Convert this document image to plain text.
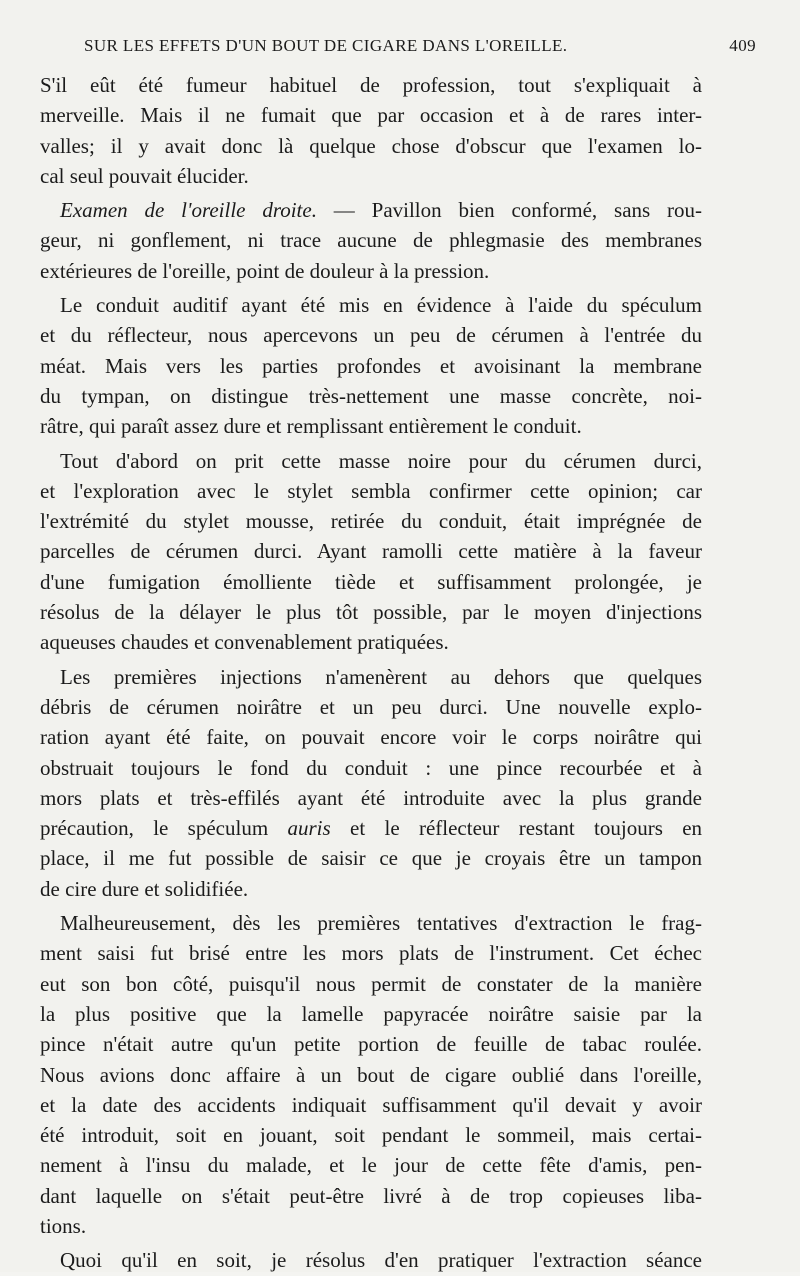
SUR LES EFFETS D'UN BOUT DE CIGARE DANS L'OREILLE.	409
S'il eût été fumeur habituel de profession, tout s'expliquait à
merveille. Mais il ne fumait que par occasion et à de rares inter-
valles; il y avait donc là quelque chose d'obscur que l'examen lo-
cal seul pouvait élucider.
Examen de l'oreille droite. — Pavillon bien conformé, sans rou-
geur, ni gonflement, ni trace aucune de phlegmasie des membranes
extérieures de l'oreille, point de douleur à la pression.
Le conduit auditif ayant été mis en évidence à l'aide du spéculum
et du réflecteur, nous apercevons un peu de cérumen à l'entrée du
méat. Mais vers les parties profondes et avoisinant la membrane
du tympan, on distingue très-nettement une masse concrète, noi-
râtre, qui paraît assez dure et remplissant entièrement le conduit.
Tout d'abord on prit cette masse noire pour du cérumen durci,
et l'exploration avec le stylet sembla confirmer cette opinion; car
l'extrémité du stylet mousse, retirée du conduit, était imprégnée de
parcelles de cérumen durci. Ayant ramolli cette matière à la faveur
d'une fumigation émolliente tiède et suffisamment prolongée, je
résolus de la délayer le plus tôt possible, par le moyen d'injections
aqueuses chaudes et convenablement pratiquées.
Les premières injections n'amenèrent au dehors que quelques
débris de cérumen noirâtre et un peu durci. Une nouvelle explo-
ration ayant été faite, on pouvait encore voir le corps noirâtre qui
obstruait toujours le fond du conduit : une pince recourbée et à
mors plats et très-effilés ayant été introduite avec la plus grande
précaution, le spéculum auris et le réflecteur restant toujours en
place, il me fut possible de saisir ce que je croyais être un tampon
de cire dure et solidifiée.
Malheureusement, dès les premières tentatives d'extraction le frag-
ment saisi fut brisé entre les mors plats de l'instrument. Cet échec
eut son bon côté, puisqu'il nous permit de constater de la manière
la plus positive que la lamelle papyracée noirâtre saisie par la
pince n'était autre qu'un petite portion de feuille de tabac roulée.
Nous avions donc affaire à un bout de cigare oublié dans l'oreille,
et la date des accidents indiquait suffisamment qu'il devait y avoir
été introduit, soit en jouant, soit pendant le sommeil, mais certai-
nement à l'insu du malade, et le jour de cette fête d'amis, pen-
dant laquelle on s'était peut-être livré à de trop copieuses liba-
tions.
Quoi qu'il en soit, je résolus d'en pratiquer l'extraction séance
